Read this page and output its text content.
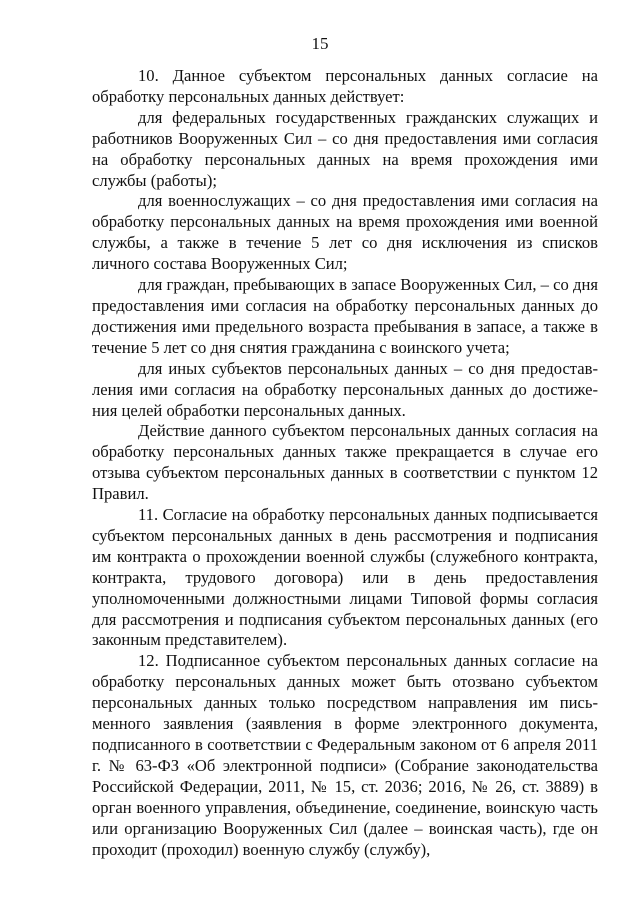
15

10. Данное субъектом персональных данных согласие на обработку персональных данных действует:

для федеральных государственных гражданских служащих и работников Вооруженных Сил – со дня предоставления ими согласия на обработку персональных данных на время прохождения ими службы (работы);

для военнослужащих – со дня предоставления ими согласия на обработку персональных данных на время прохождения ими военной службы, а также в течение 5 лет со дня исключения из списков личного состава Вооруженных Сил;

для граждан, пребывающих в запасе Вооруженных Сил, – со дня предоставления ими согласия на обработку персональных данных до достижения ими предельного возраста пребывания в запасе, а также в течение 5 лет со дня снятия гражданина с воинского учета;

для иных субъектов персональных данных – со дня предоставления ими согласия на обработку персональных данных до достижения целей обработки персональных данных.

Действие данного субъектом персональных данных согласия на обработку персональных данных также прекращается в случае его отзыва субъектом персональных данных в соответствии с пунктом 12 Правил.

11. Согласие на обработку персональных данных подписывается субъектом персональных данных в день рассмотрения и подписания им контракта о прохождении военной службы (служебного контракта, контракта, трудового договора) или в день предоставления уполномоченными должностными лицами Типовой формы согласия для рассмотрения и подписания субъектом персональных данных (его законным представителем).

12. Подписанное субъектом персональных данных согласие на обработку персональных данных может быть отозвано субъектом персональных данных только посредством направления им письменного заявления (заявления в форме электронного документа, подписанного в соответствии с Федеральным законом от 6 апреля 2011 г. № 63-ФЗ «Об электронной подписи» (Собрание законодательства Российской Федерации, 2011, № 15, ст. 2036; 2016, № 26, ст. 3889) в орган военного управления, объединение, соединение, воинскую часть или организацию Вооруженных Сил (далее – воинская часть), где он проходит (проходил) военную службу (службу),
